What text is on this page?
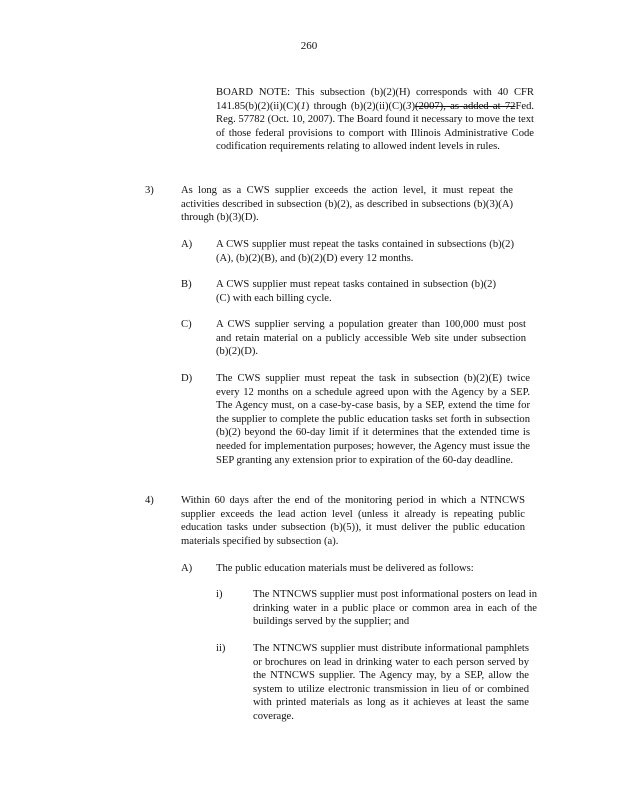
260
BOARD NOTE: This subsection (b)(2)(H) corresponds with 40 CFR 141.85(b)(2)(ii)(C)(1) through (b)(2)(ii)(C)(3)(2007), as added at 72Fed. Reg. 57782 (Oct. 10, 2007). The Board found it necessary to move the text of those federal provisions to comport with Illinois Administrative Code codification requirements relating to allowed indent levels in rules.
3)	As long as a CWS supplier exceeds the action level, it must repeat the activities described in subsection (b)(2), as described in subsections (b)(3)(A) through (b)(3)(D).
A) A CWS supplier must repeat the tasks contained in subsections (b)(2)(A), (b)(2)(B), and (b)(2)(D) every 12 months.
B) A CWS supplier must repeat tasks contained in subsection (b)(2)(C) with each billing cycle.
C) A CWS supplier serving a population greater than 100,000 must post and retain material on a publicly accessible Web site under subsection (b)(2)(D).
D) The CWS supplier must repeat the task in subsection (b)(2)(E) twice every 12 months on a schedule agreed upon with the Agency by a SEP. The Agency must, on a case-by-case basis, by a SEP, extend the time for the supplier to complete the public education tasks set forth in subsection (b)(2) beyond the 60-day limit if it determines that the extended time is needed for implementation purposes; however, the Agency must issue the SEP granting any extension prior to expiration of the 60-day deadline.
4)	Within 60 days after the end of the monitoring period in which a NTNCWS supplier exceeds the lead action level (unless it already is repeating public education tasks under subsection (b)(5)), it must deliver the public education materials specified by subsection (a).
A) The public education materials must be delivered as follows:
i)	The NTNCWS supplier must post informational posters on lead in drinking water in a public place or common area in each of the buildings served by the supplier; and
ii)	The NTNCWS supplier must distribute informational pamphlets or brochures on lead in drinking water to each person served by the NTNCWS supplier. The Agency may, by a SEP, allow the system to utilize electronic transmission in lieu of or combined with printed materials as long as it achieves at least the same coverage.
